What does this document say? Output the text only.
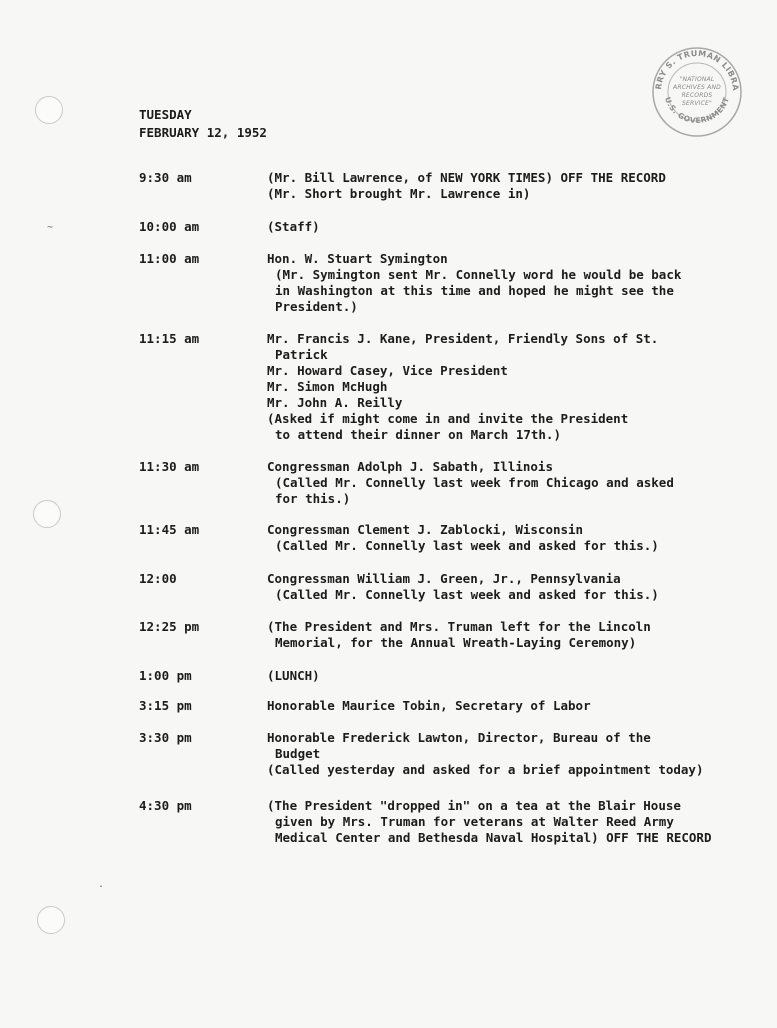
RRY S. TRUMAN LIBRA
U.S. GOVERNMENT
"NATIONAL
ARCHIVES AND
RECORDS
SERVICE"
TUESDAY
FEBRUARY 12, 1952
~
.
9:30 am	(Mr. Bill Lawrence, of NEW YORK TIMES) OFF THE RECORD
(Mr. Short brought Mr. Lawrence in)
10:00 am	(Staff)
11:00 am	Hon. W. Stuart Symington
(Mr. Symington sent Mr. Connelly word he would be back
in Washington at this time and hoped he might see the
President.)
11:15 am	Mr. Francis J. Kane, President, Friendly Sons of St.
Patrick
Mr. Howard Casey, Vice President
Mr. Simon McHugh
Mr. John A. Reilly
(Asked if might come in and invite the President
to attend their dinner on March 17th.)
11:30 am	Congressman Adolph J. Sabath, Illinois
(Called Mr. Connelly last week from Chicago and asked
for this.)
11:45 am	Congressman Clement J. Zablocki, Wisconsin
(Called Mr. Connelly last week and asked for this.)
12:00	Congressman William J. Green, Jr., Pennsylvania
(Called Mr. Connelly last week and asked for this.)
12:25 pm	(The President and Mrs. Truman left for the Lincoln
Memorial, for the Annual Wreath-Laying Ceremony)
1:00 pm	(LUNCH)
3:15 pm	Honorable Maurice Tobin, Secretary of Labor
3:30 pm	Honorable Frederick Lawton, Director, Bureau of the
Budget
(Called yesterday and asked for a brief appointment today)
4:30 pm	(The President "dropped in" on a tea at the Blair House
given by Mrs. Truman for veterans at Walter Reed Army
Medical Center and Bethesda Naval Hospital) OFF THE RECORD
